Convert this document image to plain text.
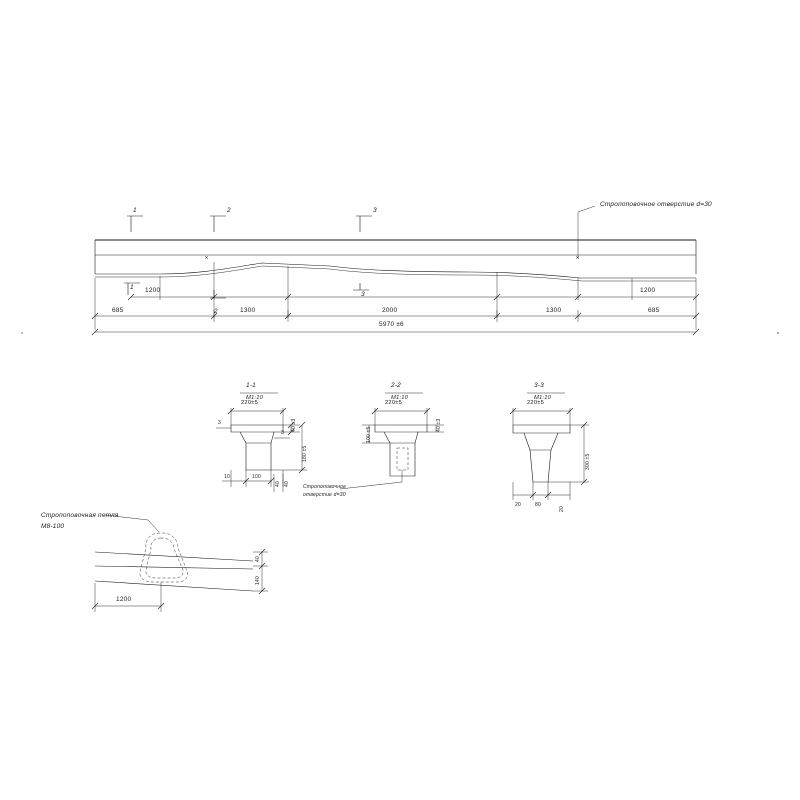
Стропоповочное отверстие d=30
1	2	3
1
2
3
1200
1300	2000	1300
1200
685	685
5970 ±6
1-1
М1:10
220±5
40 ±3
180 ±5
3
3
10	100
40 40
2-2
М1:10
220±5
100 ±5
40 ±3
Стропоповочное
отверстие d=30
3-3
М1:10
220±5
300 ±5
20	80
20
Стропоповочная петля
М8-100
40
140
1200
